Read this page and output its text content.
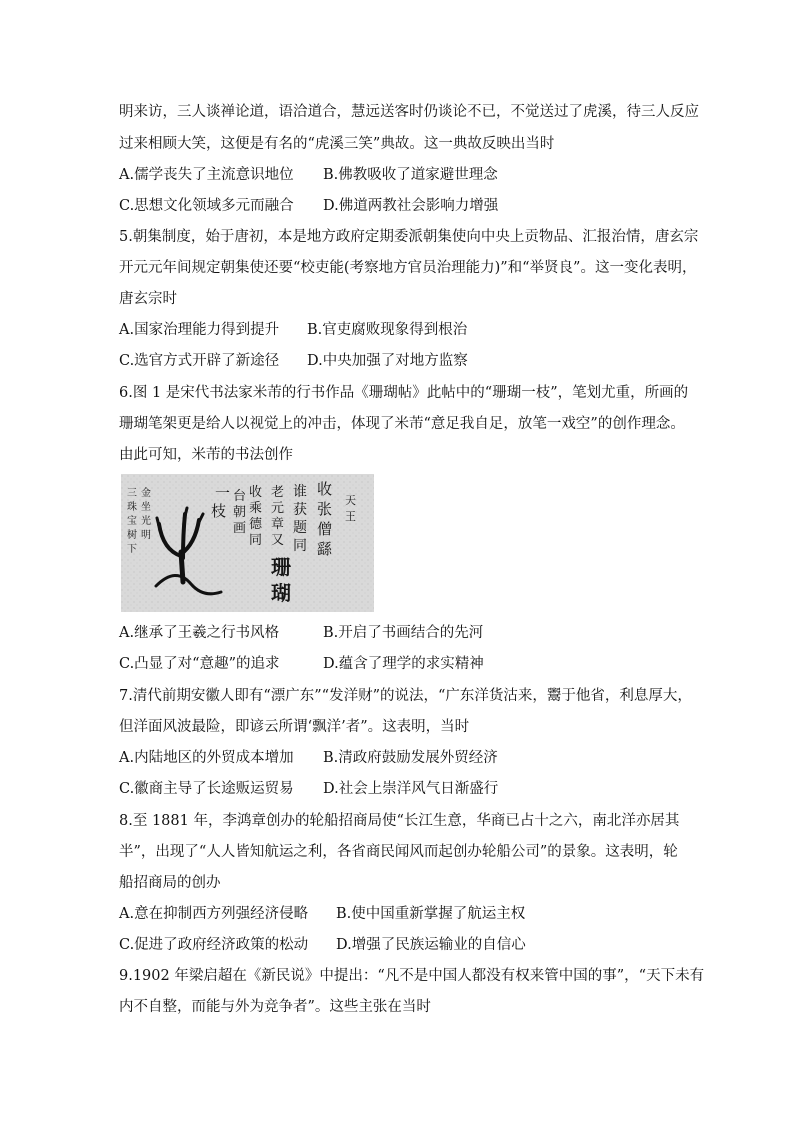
明来访，三人谈禅论道，语洽道合，慧远送客时仍谈论不已，不觉送过了虎溪，待三人反应
过来相顾大笑，这便是有名的“虎溪三笑”典故。这一典故反映出当时
A.儒学丧失了主流意识地位 B.佛教吸收了道家避世理念
C.思想文化领域多元而融合 D.佛道两教社会影响力增强
5.朝集制度，始于唐初，本是地方政府定期委派朝集使向中央上贡物品、汇报治情，唐玄宗
开元元年间规定朝集使还要“校吏能(考察地方官员治理能力)”和“举贤良”。这一变化表明，
唐玄宗时
A.国家治理能力得到提升 B.官吏腐败现象得到根治
C.选官方式开辟了新途径 D.中央加强了对地方监察
6.图 1 是宋代书法家米芾的行书作品《珊瑚帖》此帖中的“珊瑚一枝”，笔划尤重，所画的
珊瑚笔架更是给人以视觉上的冲击，体现了米芾“意足我自足，放笔一戏空”的创作理念。
由此可知，米芾的书法创作
三
珠
宝
树
下
金
坐
光
明
一
枝
台
朝
画
收
乘
德
同
老
元
章
又
谁
获
题
同
收
张
僧
繇
天
王
珊
瑚
A.继承了王羲之行书风格	B.开启了书画结合的先河
C.凸显了对“意趣”的追求	D.蕴含了理学的求实精神
7.清代前期安徽人即有“漂广东”“发洋财”的说法，“广东洋货沽来，鬻于他省，利息厚大，
但洋面风波最险，即谚云所谓‘飘洋’者”。这表明，当时
A.内陆地区的外贸成本增加 B.清政府鼓励发展外贸经济
C.徽商主导了长途贩运贸易 D.社会上崇洋风气日渐盛行
8.至 1881 年，李鸿章创办的轮船招商局使“长江生意，华商已占十之六，南北洋亦居其
半”，出现了“人人皆知航运之利，各省商民闻风而起创办轮船公司”的景象。这表明，轮
船招商局的创办
A.意在抑制西方列强经济侵略 B.使中国重新掌握了航运主权
C.促进了政府经济政策的松动 D.增强了民族运输业的自信心
9.1902 年梁启超在《新民说》中提出：“凡不是中国人都没有权来管中国的事”，“天下未有
内不自整，而能与外为竞争者”。这些主张在当时
